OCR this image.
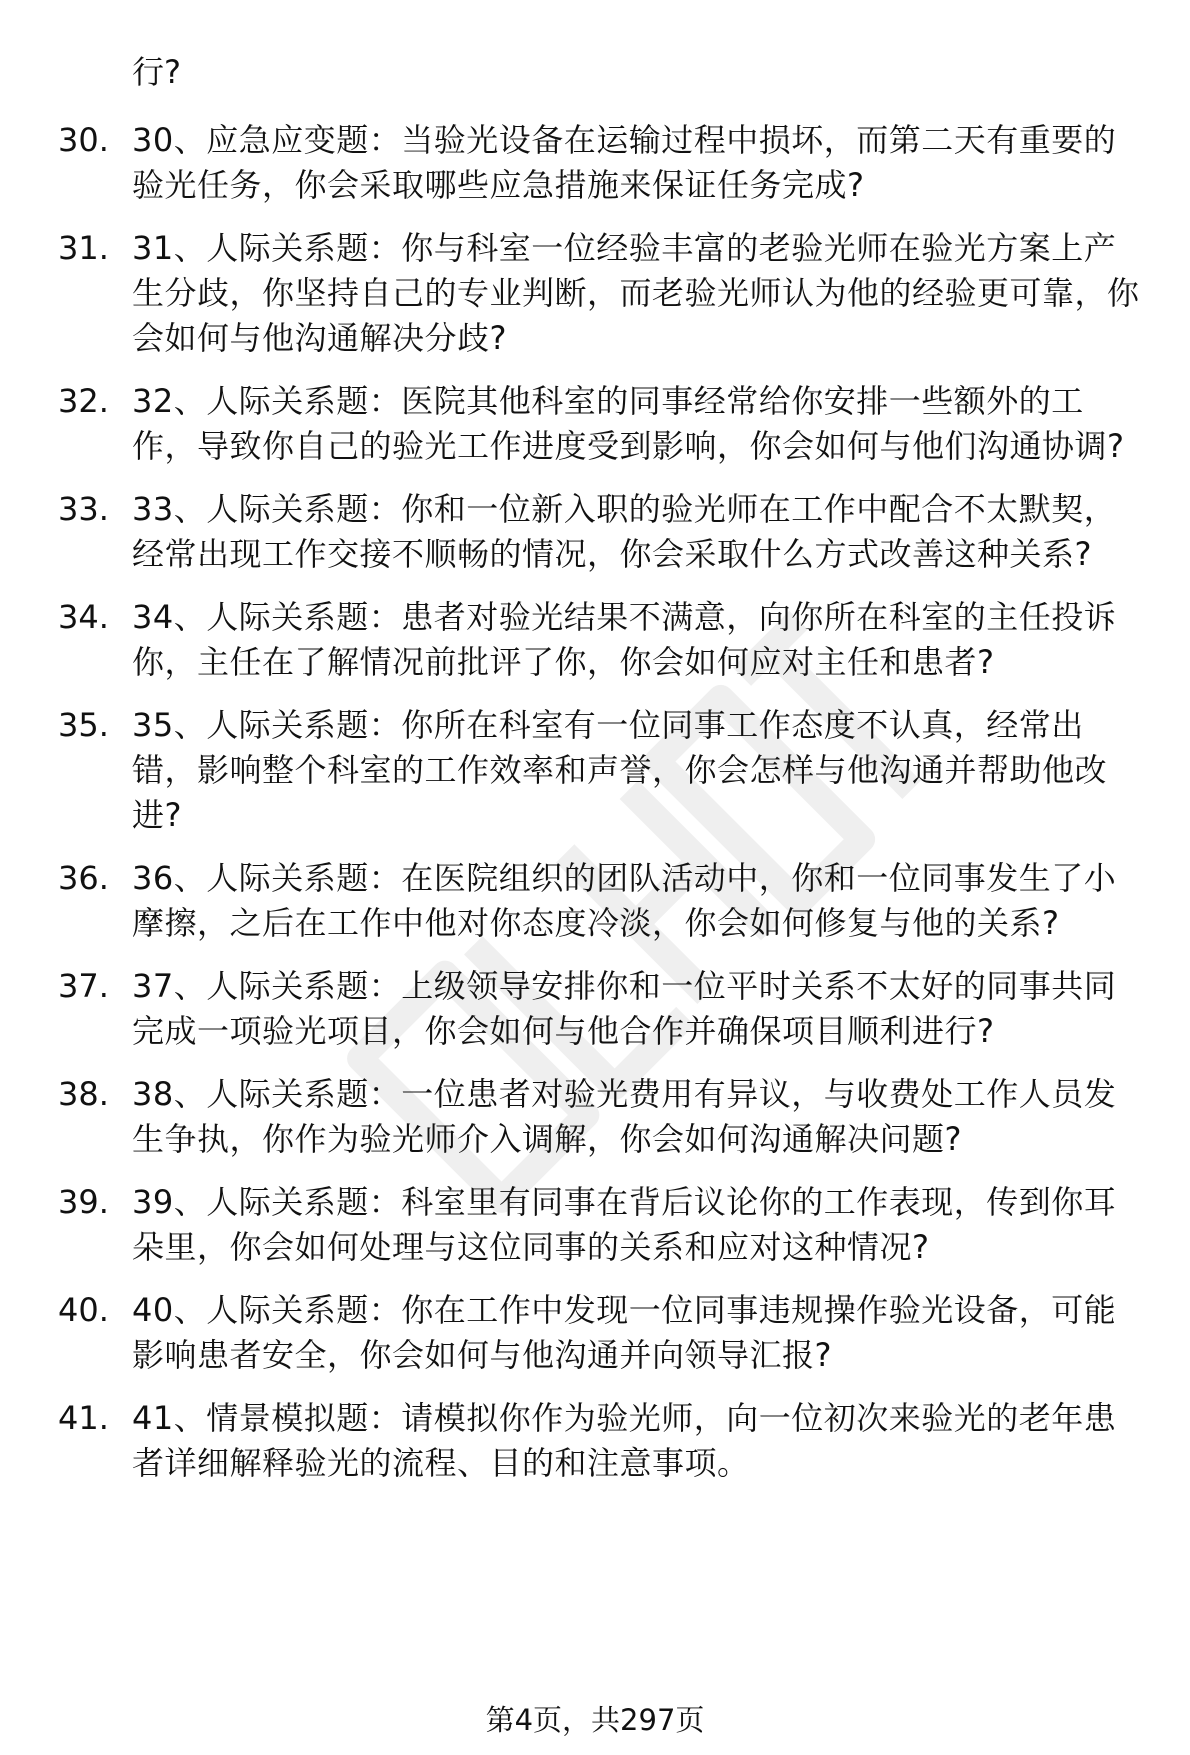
行?

30. 30、应急应变题：当验光设备在运输过程中损坏，而第二天有重要的验光任务，你会采取哪些应急措施来保证任务完成?

31. 31、人际关系题：你与科室一位经验丰富的老验光师在验光方案上产生分歧，你坚持自己的专业判断，而老验光师认为他的经验更可靠，你会如何与他沟通解决分歧?

32. 32、人际关系题：医院其他科室的同事经常给你安排一些额外的工作，导致你自己的验光工作进度受到影响，你会如何与他们沟通协调?

33. 33、人际关系题：你和一位新入职的验光师在工作中配合不太默契，经常出现工作交接不顺畅的情况，你会采取什么方式改善这种关系?

34. 34、人际关系题：患者对验光结果不满意，向你所在科室的主任投诉你，主任在了解情况前批评了你，你会如何应对主任和患者?

35. 35、人际关系题：你所在科室有一位同事工作态度不认真，经常出错，影响整个科室的工作效率和声誉，你会怎样与他沟通并帮助他改进?

36. 36、人际关系题：在医院组织的团队活动中，你和一位同事发生了小摩擦，之后在工作中他对你态度冷淡，你会如何修复与他的关系?

37. 37、人际关系题：上级领导安排你和一位平时关系不太好的同事共同完成一项验光项目，你会如何与他合作并确保项目顺利进行?

38. 38、人际关系题：一位患者对验光费用有异议，与收费处工作人员发生争执，你作为验光师介入调解，你会如何沟通解决问题?

39. 39、人际关系题：科室里有同事在背后议论你的工作表现，传到你耳朵里，你会如何处理与这位同事的关系和应对这种情况?

40. 40、人际关系题：你在工作中发现一位同事违规操作验光设备，可能影响患者安全，你会如何与他沟通并向领导汇报?

41. 41、情景模拟题：请模拟你作为验光师，向一位初次来验光的老年患者详细解释验光的流程、目的和注意事项。

第4页，共297页
